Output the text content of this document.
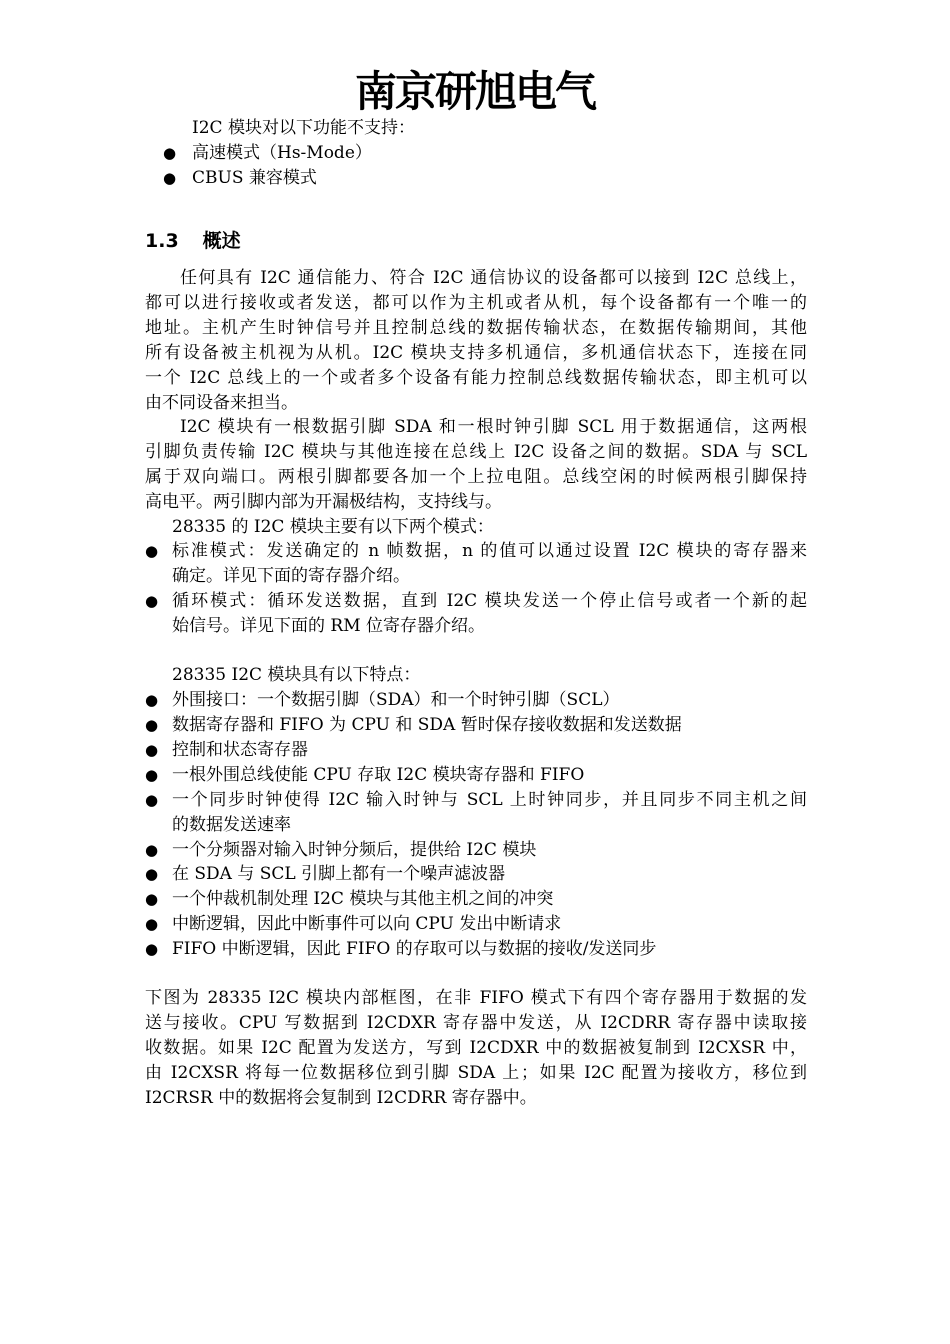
南京研旭电气
I2C 模块对以下功能不支持：
● 高速模式（Hs-Mode）
● CBUS 兼容模式
1.3 概述
任何具有 I2C 通信能力、符合 I2C 通信协议的设备都可以接到 I2C 总线上，
都可以进行接收或者发送，都可以作为主机或者从机，每个设备都有一个唯一的
地址。主机产生时钟信号并且控制总线的数据传输状态，在数据传输期间，其他
所有设备被主机视为从机。I2C 模块支持多机通信，多机通信状态下，连接在同
一个 I2C 总线上的一个或者多个设备有能力控制总线数据传输状态，即主机可以
由不同设备来担当。
I2C 模块有一根数据引脚 SDA 和一根时钟引脚 SCL 用于数据通信，这两根
引脚负责传输 I2C 模块与其他连接在总线上 I2C 设备之间的数据。SDA 与 SCL
属于双向端口。两根引脚都要各加一个上拉电阻。总线空闲的时候两根引脚保持
高电平。两引脚内部为开漏极结构，支持线与。
28335 的 I2C 模块主要有以下两个模式：
● 标准模式：发送确定的 n 帧数据，n 的值可以通过设置 I2C 模块的寄存器来
确定。详见下面的寄存器介绍。
● 循环模式：循环发送数据，直到 I2C 模块发送一个停止信号或者一个新的起
始信号。详见下面的 RM 位寄存器介绍。
28335 I2C 模块具有以下特点：
● 外围接口：一个数据引脚（SDA）和一个时钟引脚（SCL）
● 数据寄存器和 FIFO 为 CPU 和 SDA 暂时保存接收数据和发送数据
● 控制和状态寄存器
● 一根外围总线使能 CPU 存取 I2C 模块寄存器和 FIFO
● 一个同步时钟使得 I2C 输入时钟与 SCL 上时钟同步，并且同步不同主机之间
的数据发送速率
● 一个分频器对输入时钟分频后，提供给 I2C 模块
● 在 SDA 与 SCL 引脚上都有一个噪声滤波器
● 一个仲裁机制处理 I2C 模块与其他主机之间的冲突
● 中断逻辑，因此中断事件可以向 CPU 发出中断请求
● FIFO 中断逻辑，因此 FIFO 的存取可以与数据的接收/发送同步
下图为 28335 I2C 模块内部框图，在非 FIFO 模式下有四个寄存器用于数据的发
送与接收。CPU 写数据到 I2CDXR 寄存器中发送，从 I2CDRR 寄存器中读取接
收数据。如果 I2C 配置为发送方，写到 I2CDXR 中的数据被复制到 I2CXSR 中，
由 I2CXSR 将每一位数据移位到引脚 SDA 上；如果 I2C 配置为接收方，移位到
I2CRSR 中的数据将会复制到 I2CDRR 寄存器中。
